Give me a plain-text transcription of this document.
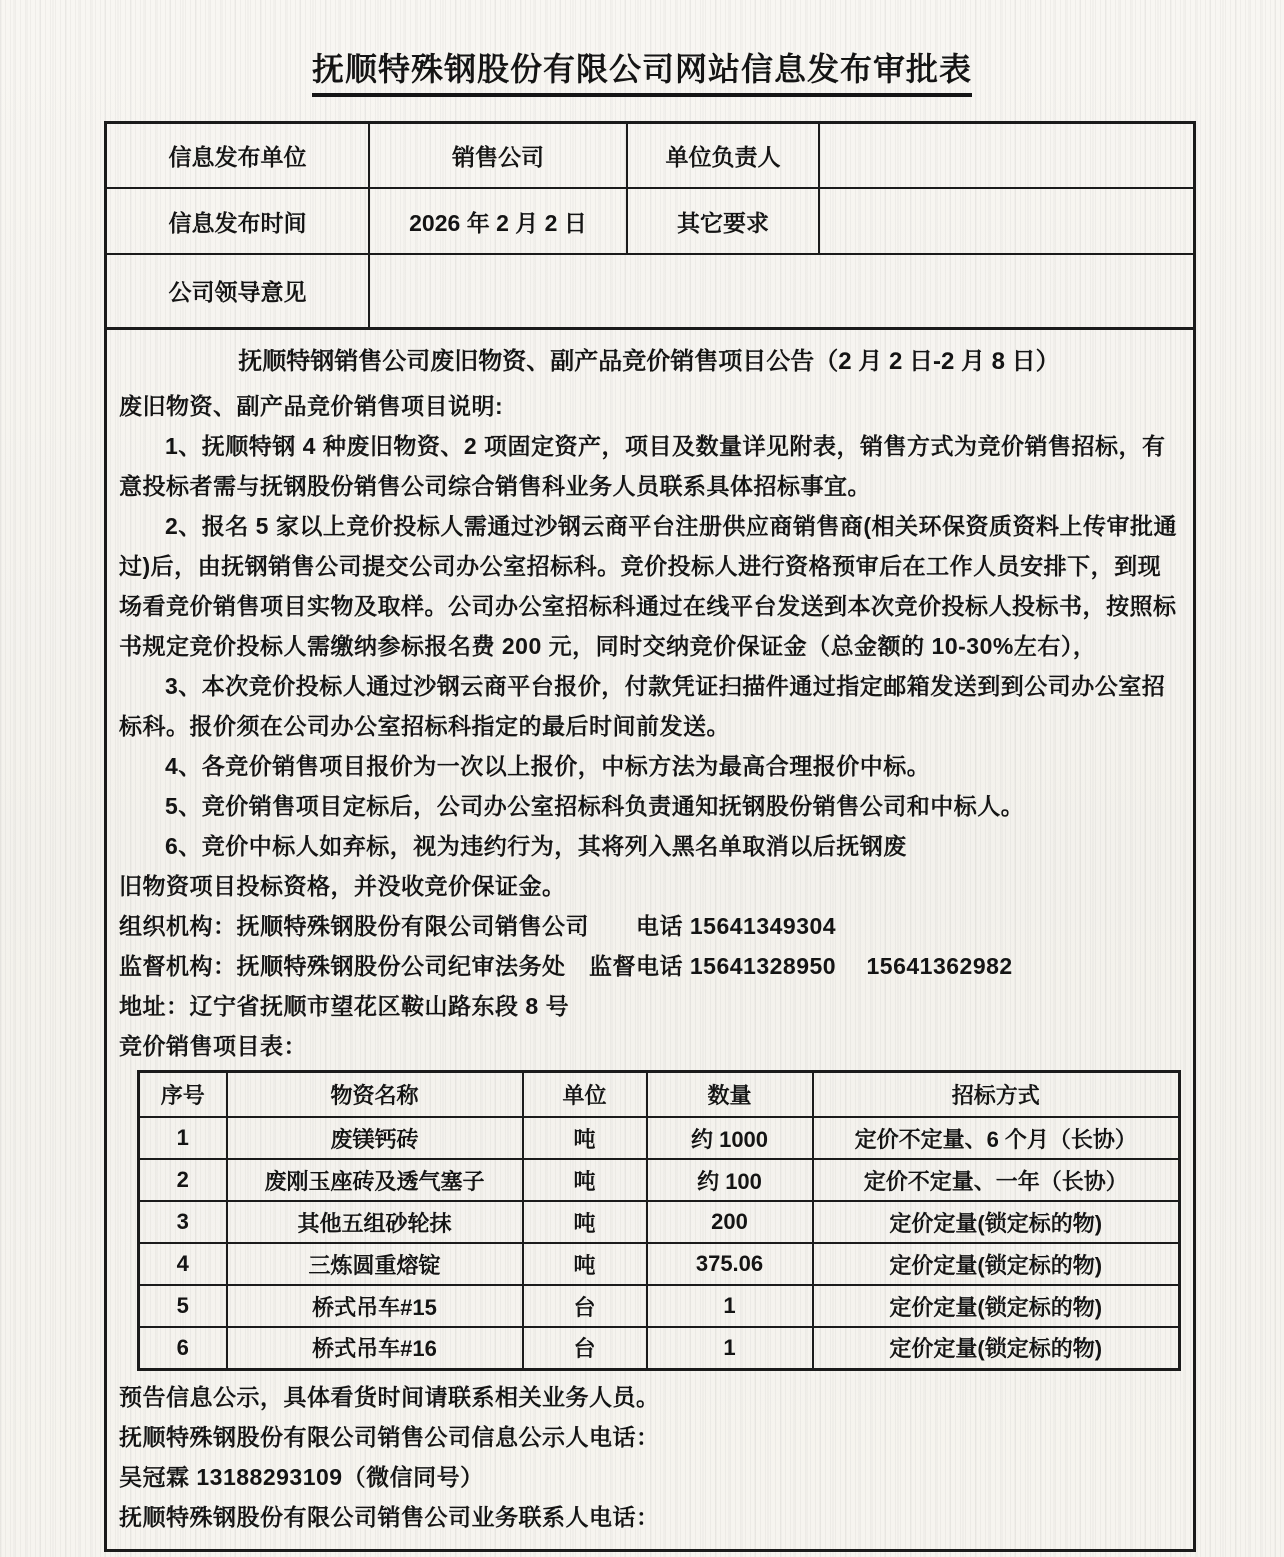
抚顺特殊钢股份有限公司网站信息发布审批表
信息发布单位	销售公司	单位负责人	
信息发布时间	2026 年 2 月 2 日	其它要求	
公司领导意见			
抚顺特钢销售公司废旧物资、副产品竞价销售项目公告（2 月 2 日-2 月 8 日）

废旧物资、副产品竞价销售项目说明:

1、抚顺特钢 4 种废旧物资、2 项固定资产，项目及数量详见附表，销售方式为竞价销售招标，有意投标者需与抚钢股份销售公司综合销售科业务人员联系具体招标事宜。

2、报名 5 家以上竞价投标人需通过沙钢云商平台注册供应商销售商(相关环保资质资料上传审批通过)后，由抚钢销售公司提交公司办公室招标科。竞价投标人进行资格预审后在工作人员安排下，到现场看竞价销售项目实物及取样。公司办公室招标科通过在线平台发送到本次竞价投标人投标书，按照标书规定竞价投标人需缴纳参标报名费 200 元，同时交纳竞价保证金（总金额的 10-30%左右），

3、本次竞价投标人通过沙钢云商平台报价，付款凭证扫描件通过指定邮箱发送到到公司办公室招标科。报价须在公司办公室招标科指定的最后时间前发送。

4、各竞价销售项目报价为一次以上报价，中标方法为最高合理报价中标。

5、竞价销售项目定标后，公司办公室招标科负责通知抚钢股份销售公司和中标人。

6、竞价中标人如弃标，视为违约行为，其将列入黑名单取消以后抚钢废

旧物资项目投标资格，并没收竞价保证金。

组织机构：抚顺特殊钢股份有限公司销售公司　　电话 15641349304

监督机构：抚顺特殊钢股份公司纪审法务处　监督电话 15641328950　 15641362982

地址：辽宁省抚顺市望花区鞍山路东段 8 号

竞价销售项目表：

序号	物资名称	单位	数量	招标方式
1	废镁钙砖	吨	约 1000	定价不定量、6 个月（长协）
2	废刚玉座砖及透气塞子	吨	约 100	定价不定量、一年（长协）
3	其他五组砂轮抹	吨	200	定价定量(锁定标的物)
4	三炼圆重熔锭	吨	375.06	定价定量(锁定标的物)
5	桥式吊车#15	台	1	定价定量(锁定标的物)
6	桥式吊车#16	台	1	定价定量(锁定标的物)

预告信息公示，具体看货时间请联系相关业务人员。

抚顺特殊钢股份有限公司销售公司信息公示人电话：

吴冠霖 13188293109（微信同号）

抚顺特殊钢股份有限公司销售公司业务联系人电话：
